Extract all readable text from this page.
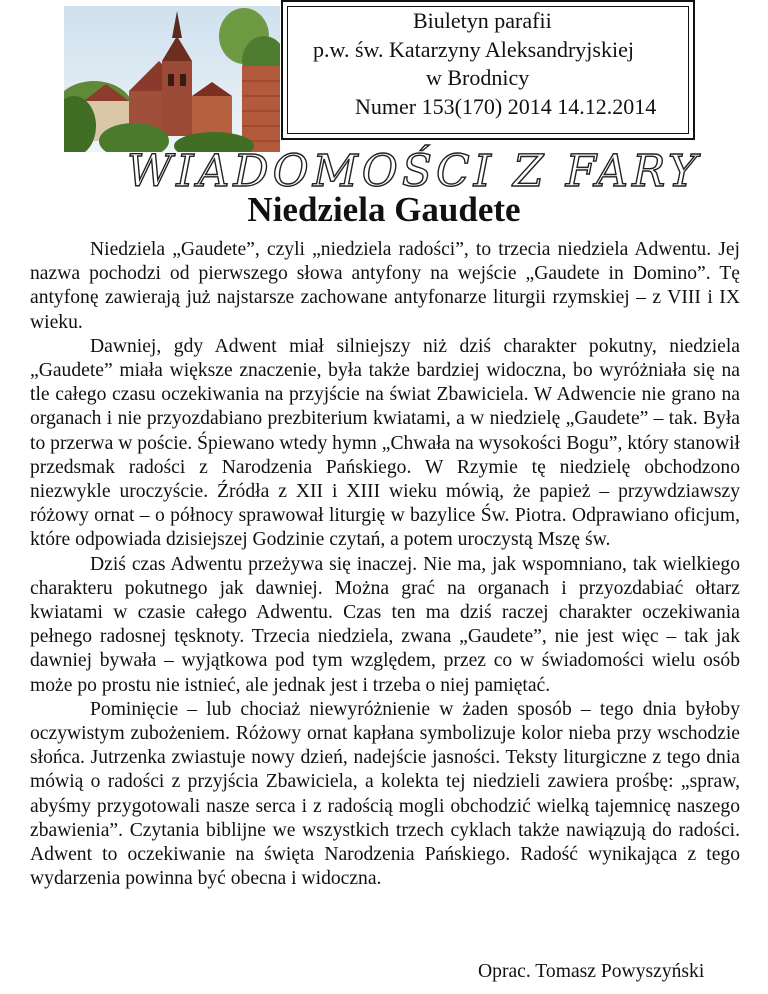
Biuletyn parafii
p.w. św. Katarzyny Aleksandryjskiej
w Brodnicy
Numer 153(170) 2014 14.12.2014
WIADOMOŚCI Z FARY
Niedziela Gaudete

Niedziela „Gaudete”, czyli „niedziela radości”, to trzecia niedziela Adwentu. Jej nazwa pochodzi od pierwszego słowa antyfony na wejście „Gaudete in Domino”. Tę antyfonę zawierają już najstarsze zachowane antyfonarze liturgii rzymskiej – z VIII i IX wieku.

Dawniej, gdy Adwent miał silniejszy niż dziś charakter pokutny, niedziela „Gaudete” miała większe znaczenie, była także bardziej widoczna, bo wyróżniała się na tle całego czasu oczekiwania na przyjście na świat Zbawiciela. W Adwencie nie grano na organach i nie przyozdabiano prezbiterium kwiatami, a w niedzielę „Gaudete” – tak. Była to przerwa w poście. Śpiewano wtedy hymn „Chwała na wysokości Bogu”, który stanowił przedsmak radości z Narodzenia Pańskiego. W Rzymie tę niedzielę obchodzono niezwykle uroczyście. Źródła z XII i XIII wieku mówią, że papież – przywdziawszy różowy ornat – o północy sprawował liturgię w bazylice Św. Piotra. Odprawiano oficjum, które odpowiada dzisiejszej Godzinie czytań, a potem uroczystą Mszę św.

Dziś czas Adwentu przeżywa się inaczej. Nie ma, jak wspomniano, tak wielkiego charakteru pokutnego jak dawniej. Można grać na organach i przyozdabiać ołtarz kwiatami w czasie całego Adwentu. Czas ten ma dziś raczej charakter oczekiwania pełnego radosnej tęsknoty. Trzecia niedziela, zwana „Gaudete”, nie jest więc – tak jak dawniej bywała – wyjątkowa pod tym względem, przez co w świadomości wielu osób może po prostu nie istnieć, ale jednak jest i trzeba o niej pamiętać.

Pominięcie – lub chociaż niewyróżnienie w żaden sposób – tego dnia byłoby oczywistym zubożeniem. Różowy ornat kapłana symbolizuje kolor nieba przy wschodzie słońca. Jutrzenka zwiastuje nowy dzień, nadejście jasności. Teksty liturgiczne z tego dnia mówią o radości z przyjścia Zbawiciela, a kolekta tej niedzieli zawiera prośbę: „spraw, abyśmy przygotowali nasze serca i z radością mogli obchodzić wielką tajemnicę naszego zbawienia”. Czytania biblijne we wszystkich trzech cyklach także nawiązują do radości. Adwent to oczekiwanie na święta Narodzenia Pańskiego. Radość wynikająca z tego wydarzenia powinna być obecna i widoczna.

Oprac. Tomasz Powyszyński
